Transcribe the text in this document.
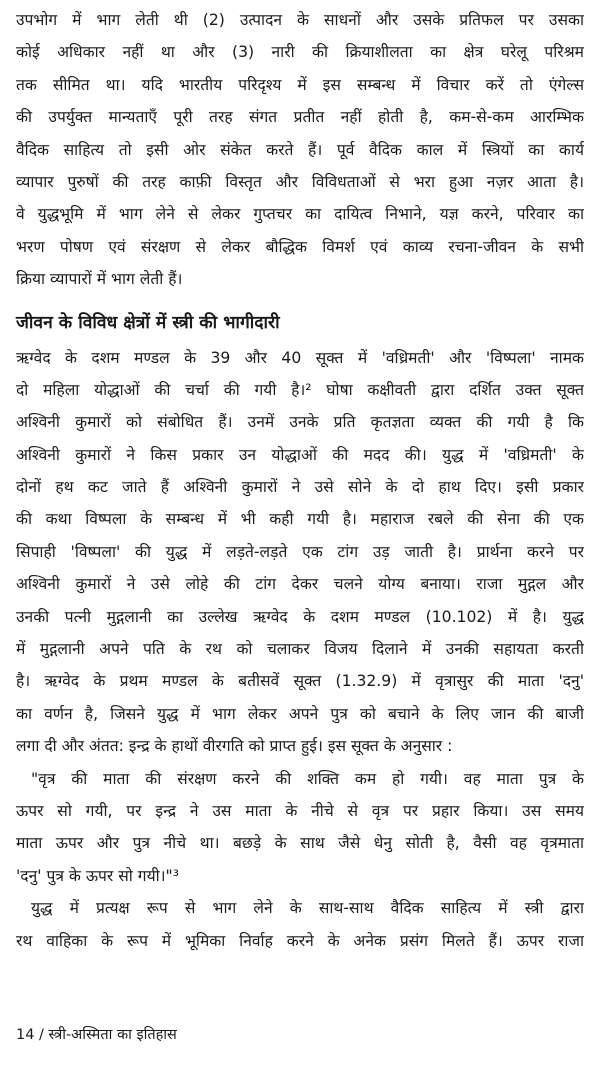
उपभोग में भाग लेती थी (2) उत्पादन के साधनों और उसके प्रतिफल पर उसका
कोई अधिकार नहीं था और (3) नारी की क्रियाशीलता का क्षेत्र घरेलू परिश्रम
तक सीमित था। यदि भारतीय परिदृश्य में इस सम्बन्ध में विचार करें तो एंगेल्स
की उपर्युक्त मान्यताएँ पूरी तरह संगत प्रतीत नहीं होती है, कम-से-कम आरम्भिक
वैदिक साहित्य तो इसी ओर संकेत करते हैं। पूर्व वैदिक काल में स्त्रियों का कार्य
व्यापार पुरुषों की तरह काफ़ी विस्तृत और विविधताओं से भरा हुआ नज़र आता है।
वे युद्धभूमि में भाग लेने से लेकर गुप्तचर का दायित्व निभाने, यज्ञ करने, परिवार का
भरण पोषण एवं संरक्षण से लेकर बौद्धिक विमर्श एवं काव्य रचना-जीवन के सभी
क्रिया व्यापारों में भाग लेती हैं।
जीवन के विविध क्षेत्रों में स्त्री की भागीदारी
ऋग्वेद के दशम मण्डल के 39 और 40 सूक्त में 'वध्रिमती' और 'विष्पला' नामक
दो महिला योद्धाओं की चर्चा की गयी है।² घोषा कक्षीवती द्वारा दर्शित उक्त सूक्त
अश्विनी कुमारों को संबोधित हैं। उनमें उनके प्रति कृतज्ञता व्यक्त की गयी है कि
अश्विनी कुमारों ने किस प्रकार उन योद्धाओं की मदद की। युद्ध में 'वध्रिमती' के
दोनों हथ कट जाते हैं अश्विनी कुमारों ने उसे सोने के दो हाथ दिए। इसी प्रकार
की कथा विष्पला के सम्बन्ध में भी कही गयी है। महाराज रबले की सेना की एक
सिपाही 'विष्पला' की युद्ध में लड़ते-लड़ते एक टांग उड़ जाती है। प्रार्थना करने पर
अश्विनी कुमारों ने उसे लोहे की टांग देकर चलने योग्य बनाया। राजा मुद्गल और
उनकी पत्नी मुद्गलानी का उल्लेख ऋग्वेद के दशम मण्डल (10.102) में है। युद्ध
में मुद्गलानी अपने पति के रथ को चलाकर विजय दिलाने में उनकी सहायता करती
है। ऋग्वेद के प्रथम मण्डल के बतीसवें सूक्त (1.32.9) में वृत्रासुर की माता 'दनु'
का वर्णन है, जिसने युद्ध में भाग लेकर अपने पुत्र को बचाने के लिए जान की बाजी
लगा दी और अंतत: इन्द्र के हाथों वीरगति को प्राप्त हुई। इस सूक्त के अनुसार :
"वृत्र की माता की संरक्षण करने की शक्ति कम हो गयी। वह माता पुत्र के
ऊपर सो गयी, पर इन्द्र ने उस माता के नीचे से वृत्र पर प्रहार किया। उस समय
माता ऊपर और पुत्र नीचे था। बछड़े के साथ जैसे धेनु सोती है, वैसी वह वृत्रमाता
'दनु' पुत्र के ऊपर सो गयी।"³
युद्ध में प्रत्यक्ष रूप से भाग लेने के साथ-साथ वैदिक साहित्य में स्त्री द्वारा
रथ वाहिका के रूप में भूमिका निर्वाह करने के अनेक प्रसंग मिलते हैं। ऊपर राजा
14 / स्त्री-अस्मिता का इतिहास
